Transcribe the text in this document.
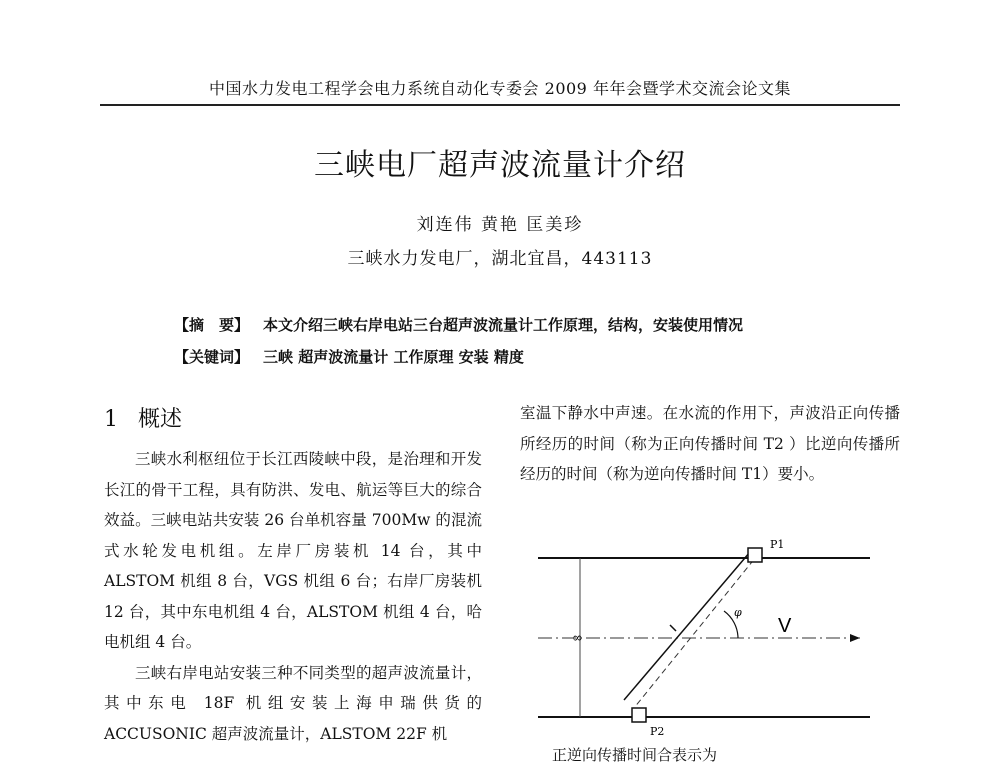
中国水力发电工程学会电力系统自动化专委会 2009 年年会暨学术交流会论文集
三峡电厂超声波流量计介绍
刘连伟 黄艳 匡美珍
三峡水力发电厂，湖北宜昌，443113
【摘　要】 本文介绍三峡右岸电站三台超声波流量计工作原理，结构，安装使用情况
【关键词】 三峡 超声波流量计 工作原理 安装 精度
1 概述

三峡水利枢纽位于长江西陵峡中段，是治理和开发长江的骨干工程，具有防洪、发电、航运等巨大的综合效益。三峡电站共安装 26 台单机容量 700Mw 的混流式水轮发电机组。左岸厂房装机 14 台，其中 ALSTOM 机组 8 台，VGS 机组 6 台；右岸厂房装机 12 台，其中东电机组 4 台，ALSTOM 机组 4 台，哈电机组 4 台。

三峡右岸电站安装三种不同类型的超声波流量计，其中东电 18F 机组安装上海申瑞供货的 ACCUSONIC 超声波流量计，ALSTOM 22F 机

室温下静水中声速。在水流的作用下，声波沿正向传播所经历的时间（称为正向传播时间 T2 ）比逆向传播所经历的时间（称为逆向传播时间 T1）要小。

∞
P1
P2
V
φ
正逆向传播时间合表示为
